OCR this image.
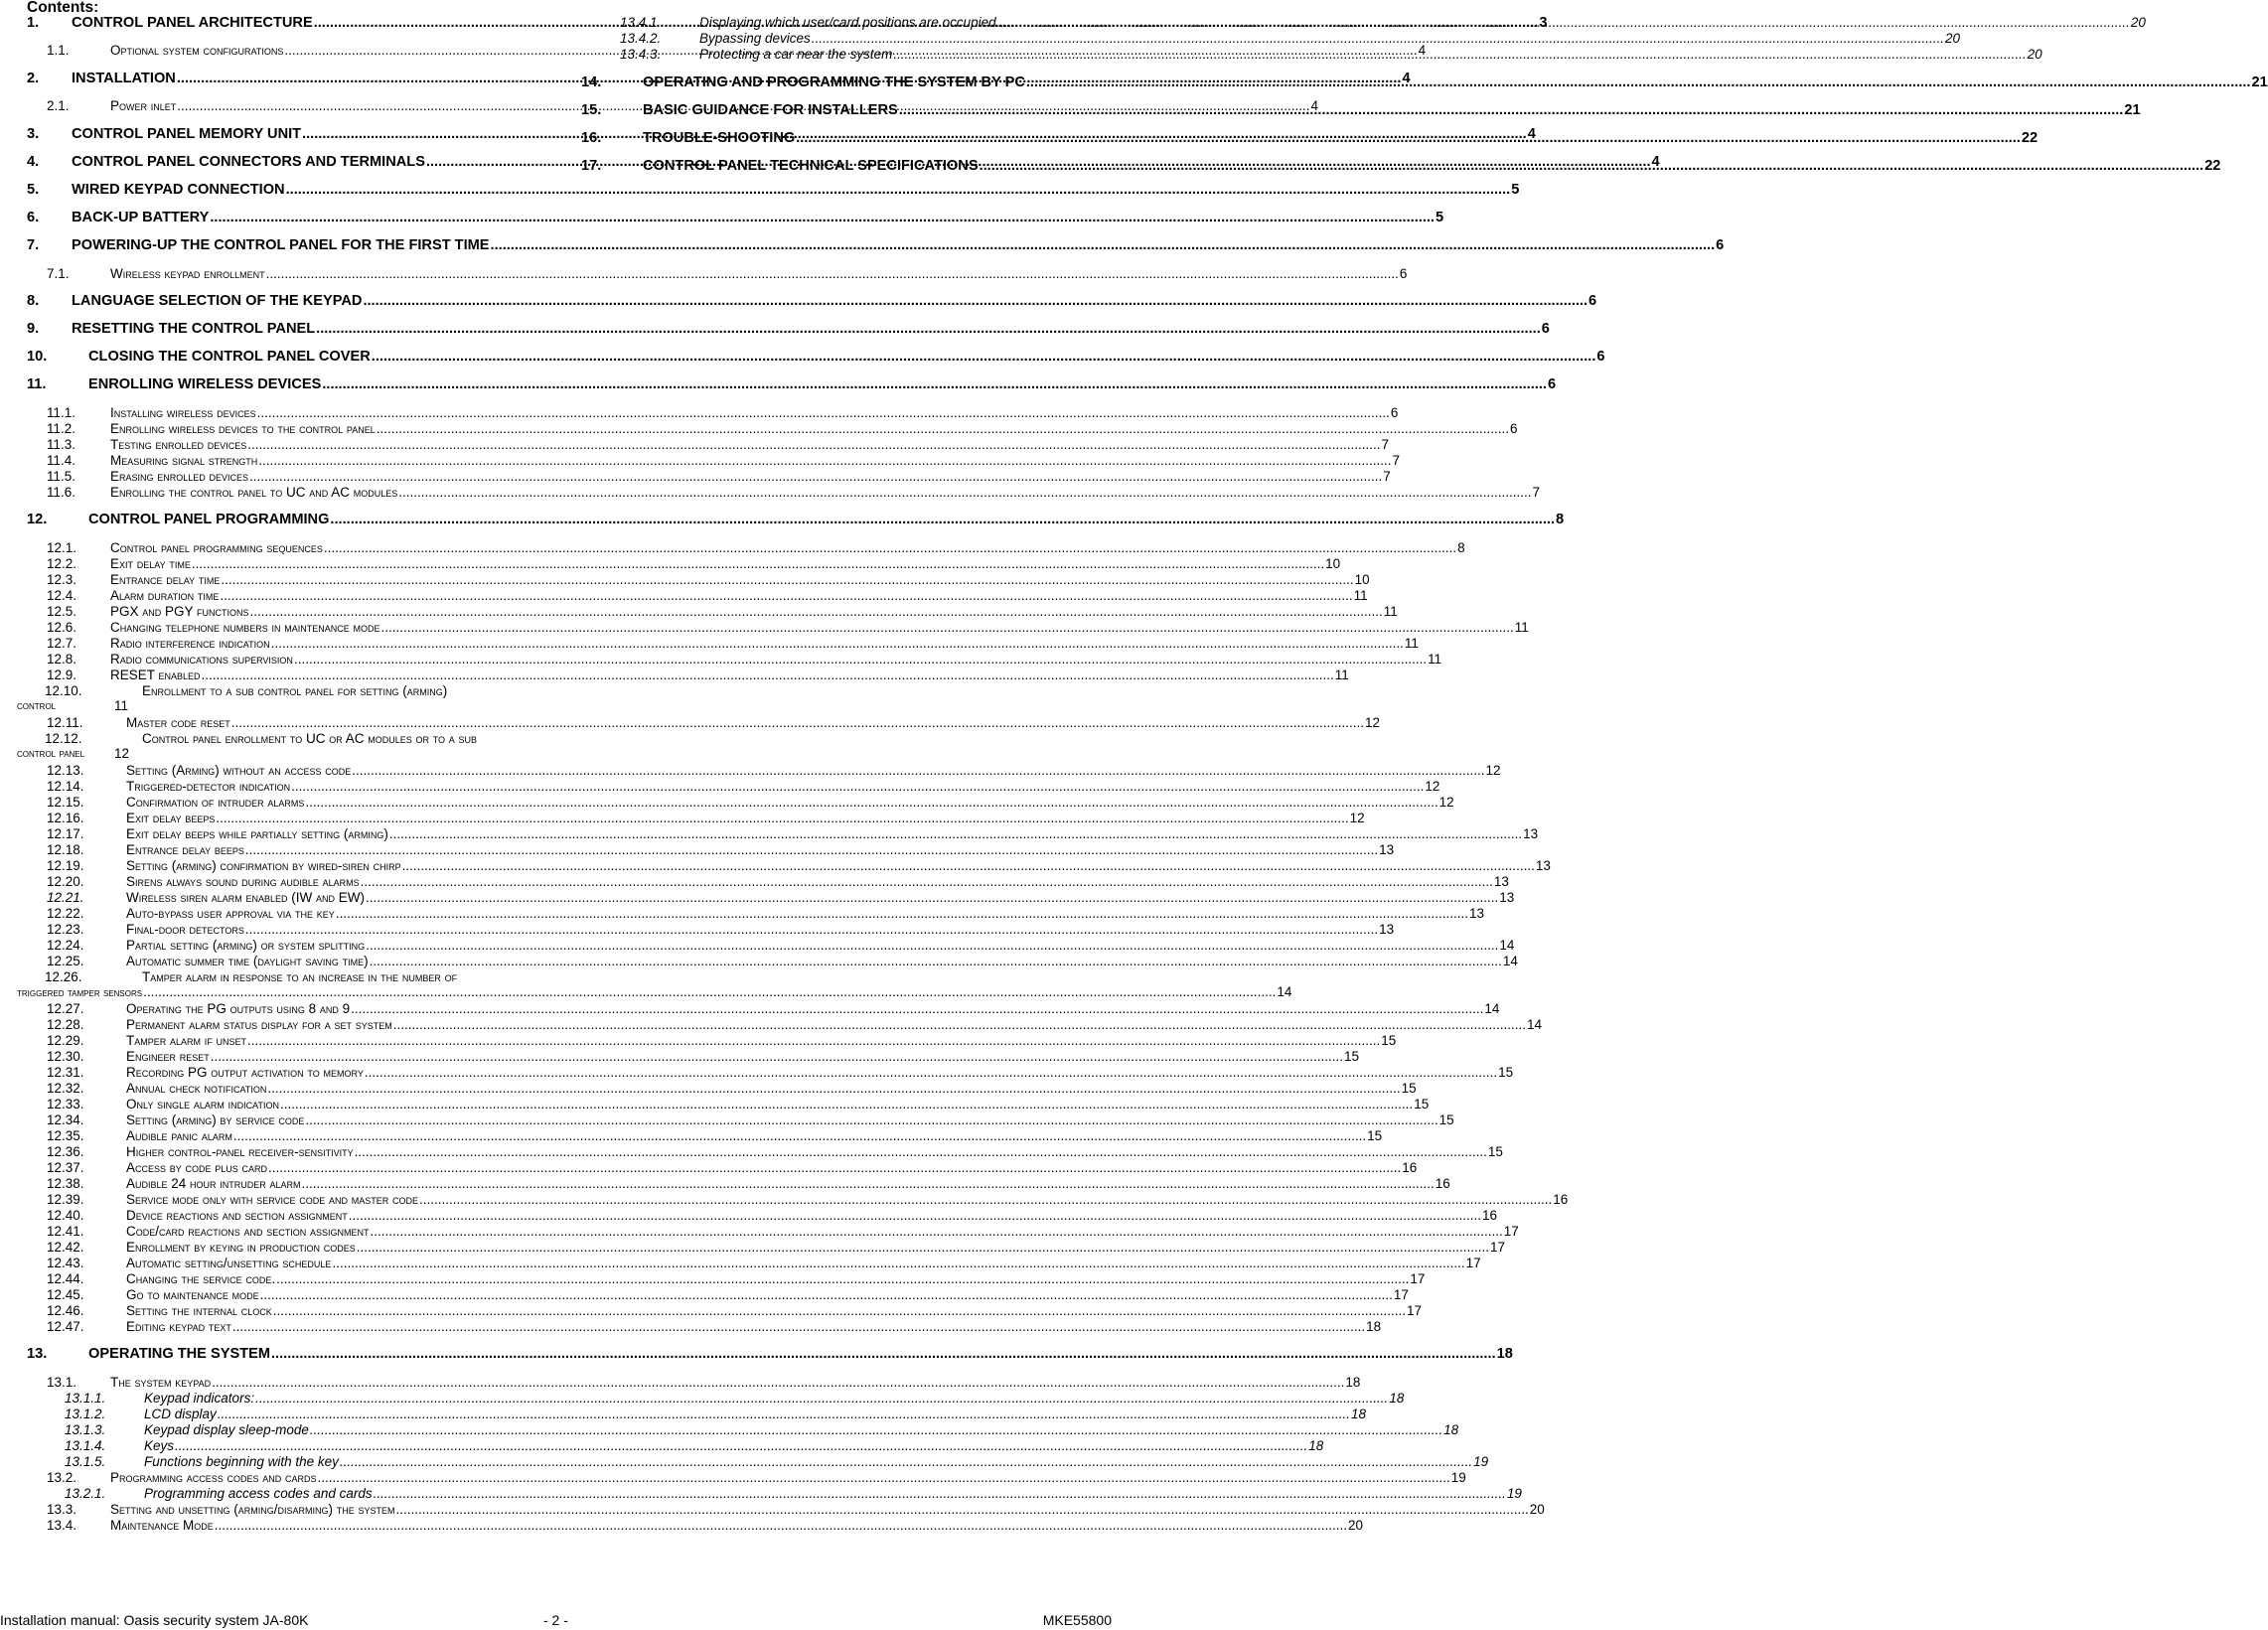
Contents:
1.	CONTROL PANEL ARCHITECTURE .....	3
1.1.	Optional system configurations .....	4
2.	INSTALLATION .....	4
2.1.	Power inlet .....	4
3.	CONTROL PANEL MEMORY UNIT .....	4
4.	CONTROL PANEL CONNECTORS AND TERMINALS .....	4
5.	WIRED KEYPAD CONNECTION .....	5
6.	BACK-UP BATTERY .....	5
7.	POWERING-UP THE CONTROL PANEL FOR THE FIRST TIME .....	6
7.1.	Wireless keypad enrollment .....	6
8.	LANGUAGE SELECTION OF THE KEYPAD .....	6
9.	RESETTING THE CONTROL PANEL .....	6
10.	CLOSING THE CONTROL PANEL COVER .....	6
11.	ENROLLING WIRELESS DEVICES .....	6
11.1.	Installing wireless devices .....	6
11.2.	Enrolling wireless devices to the control panel .....	6
11.3.	Testing enrolled devices .....	7
11.4.	Measuring signal strength .....	7
11.5.	Erasing enrolled devices .....	7
11.6.	Enrolling the control panel to UC and AC modules .....	7
12.	CONTROL PANEL PROGRAMMING .....	8
12.1.	Control panel programming sequences .....	8
12.2.	Exit delay time .....	10
12.3.	Entrance delay time .....	10
12.4.	Alarm duration time .....	11
12.5.	PGX and PGY functions .....	11
12.6.	Changing telephone numbers in maintenance mode .....	11
12.7.	Radio interference indication .....	11
12.8.	Radio communications supervision .....	11
12.9.	RESET enabled .....	11
12.10.	Enrollment to a sub control panel for setting (arming)
control	11
12.11.	Master code reset .....	12
12.12.	Control panel enrollment to UC or AC modules or to a sub
control panel	12
12.13.	Setting (Arming) without an access code .....	12
12.14.	Triggered-detector indication .....	12
12.15.	Confirmation of intruder alarms .....	12
12.16.	Exit delay beeps .....	12
12.17.	Exit delay beeps while partially setting (arming) .....	13
12.18.	Entrance delay beeps .....	13
12.19.	Setting (arming) confirmation by wired-siren chirp .....	13
12.20.	Sirens always sound during audible alarms .....	13
12.21.	Wireless siren alarm enabled (IW and EW) .....	13
12.22.	Auto-bypass user approval via the key .....	13
12.23.	Final-door detectors .....	13
12.24.	Partial setting (arming) or system splitting .....	14
12.25.	Automatic summer time (daylight saving time) .....	14
12.26.	Tamper alarm in response to an increase in the number of
triggered tamper sensors .....	14
12.27.	Operating the PG outputs using 8 and 9 .....	14
12.28.	Permanent alarm status display for a set system .....	14
12.29.	Tamper alarm if unset .....	15
12.30.	Engineer reset .....	15
12.31.	Recording PG output activation to memory .....	15
12.32.	Annual check notification .....	15
12.33.	Only single alarm indication .....	15
12.34.	Setting (arming) by service code .....	15
12.35.	Audible panic alarm .....	15
12.36.	Higher control-panel receiver-sensitivity .....	15
12.37.	Access by code plus card .....	16
12.38.	Audible 24 hour intruder alarm .....	16
12.39.	Service mode only with service code and master code .....	16
12.40.	Device reactions and section assignment .....	16
12.41.	Code/card reactions and section assignment .....	17
12.42.	Enrollment by keying in production codes .....	17
12.43.	Automatic setting/unsetting schedule .....	17
12.44.	Changing the service code. .....	17
12.45.	Go to maintenance mode .....	17
12.46.	Setting the internal clock .....	17
12.47.	Editing keypad text .....	18
13.	OPERATING THE SYSTEM .....	18
13.1.	The system keypad .....	18
13.1.1.	Keypad indicators: .....	18
13.1.2.	LCD display .....	18
13.1.3.	Keypad display sleep-mode .....	18
13.1.4.	Keys .....	18
13.1.5.	Functions beginning with the key .....	19
13.2.	Programming access codes and cards .....	19
13.2.1.	Programming access codes and cards .....	19
13.3.	Setting and unsetting (arming/disarming) the system .....	20
13.4.	Maintenance Mode .....	20
13.4.1.	Displaying which user/card positions are occupied .....	20
13.4.2.	Bypassing devices .....	20
13.4.3.	Protecting a car near the system .....	20
14.	OPERATING AND PROGRAMMING THE SYSTEM BY PC .....	21
15.	BASIC GUIDANCE FOR INSTALLERS .....	21
16.	TROUBLE-SHOOTING .....	22
17.	CONTROL PANEL TECHNICAL SPECIFICATIONS .....	22
Installation manual: Oasis security system JA-80K	- 2 -	MKE55800
